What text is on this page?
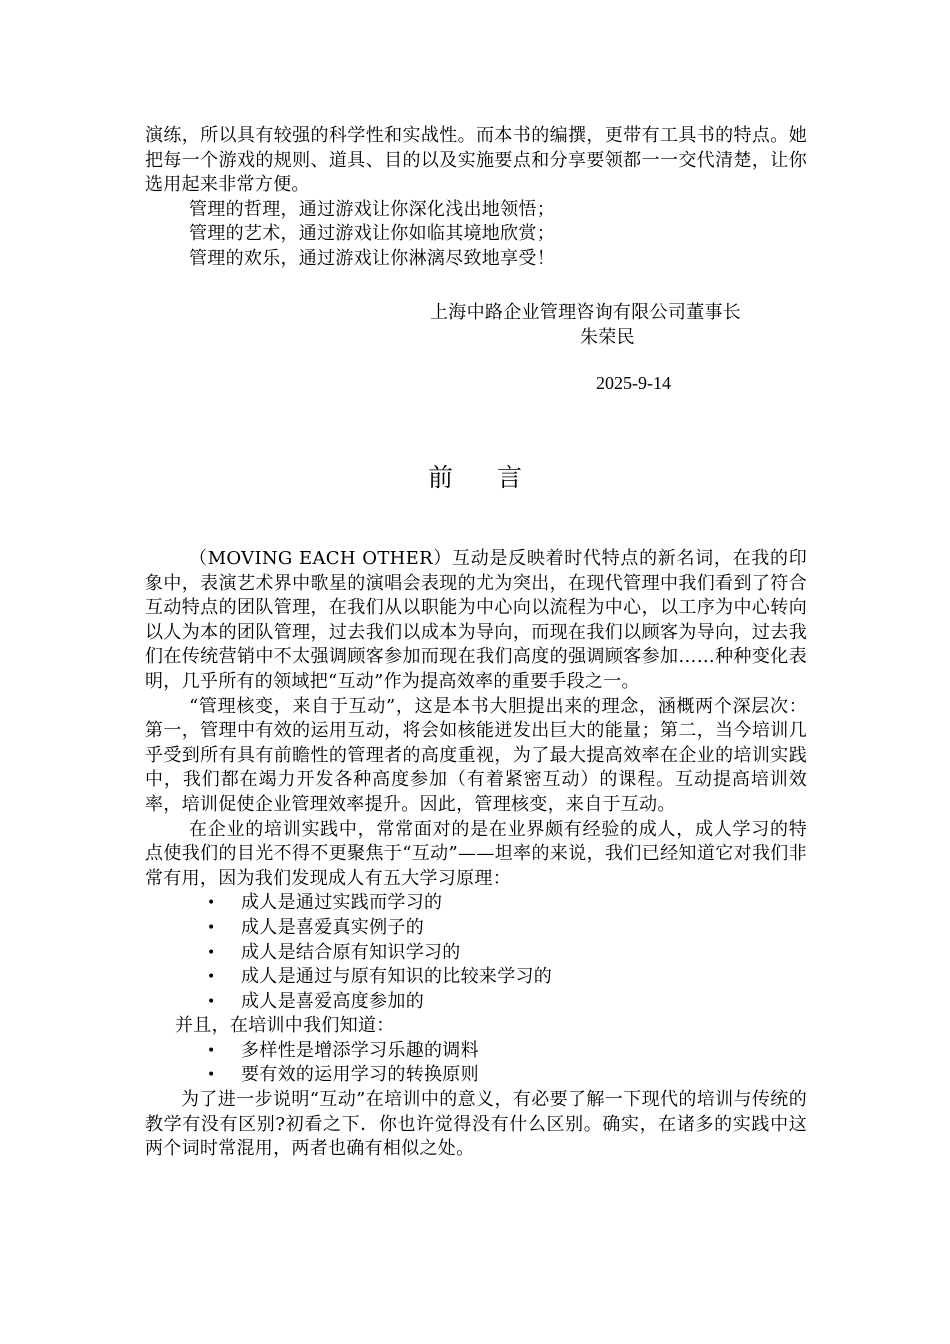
演练，所以具有较强的科学性和实战性。而本书的编撰，更带有工具书的特点。她把每一个游戏的规则、道具、目的以及实施要点和分享要领都一一交代清楚，让你选用起来非常方便。

管理的哲理，通过游戏让你深化浅出地领悟；

管理的艺术，通过游戏让你如临其境地欣赏；

管理的欢乐，通过游戏让你淋漓尽致地享受！

上海中路企业管理咨询有限公司董事长
朱荣民
2025-9-14
前言

（MOVING EACH OTHER）互动是反映着时代特点的新名词，在我的印象中，表演艺术界中歌星的演唱会表现的尤为突出，在现代管理中我们看到了符合互动特点的团队管理，在我们从以职能为中心向以流程为中心，以工序为中心转向以人为本的团队管理，过去我们以成本为导向，而现在我们以顾客为导向，过去我们在传统营销中不太强调顾客参加而现在我们高度的强调顾客参加……种种变化表明，几乎所有的领域把“互动”作为提高效率的重要手段之一。

“管理核变，来自于互动”，这是本书大胆提出来的理念，涵概两个深层次：第一，管理中有效的运用互动，将会如核能迸发出巨大的能量；第二，当今培训几乎受到所有具有前瞻性的管理者的高度重视，为了最大提高效率在企业的培训实践中，我们都在竭力开发各种高度参加（有着紧密互动）的课程。互动提高培训效率，培训促使企业管理效率提升。因此，管理核变，来自于互动。

在企业的培训实践中，常常面对的是在业界颇有经验的成人，成人学习的特点使我们的目光不得不更聚焦于“互动”——坦率的来说，我们已经知道它对我们非常有用，因为我们发现成人有五大学习原理：

• 成人是通过实践而学习的
• 成人是喜爱真实例子的
• 成人是结合原有知识学习的
• 成人是通过与原有知识的比较来学习的
• 成人是喜爱高度参加的

并且，在培训中我们知道：

• 多样性是增添学习乐趣的调料
• 要有效的运用学习的转换原则

为了进一步说明“互动”在培训中的意义，有必要了解一下现代的培训与传统的教学有没有区别?初看之下．你也许觉得没有什么区别。确实，在诸多的实践中这两个词时常混用，两者也确有相似之处。
